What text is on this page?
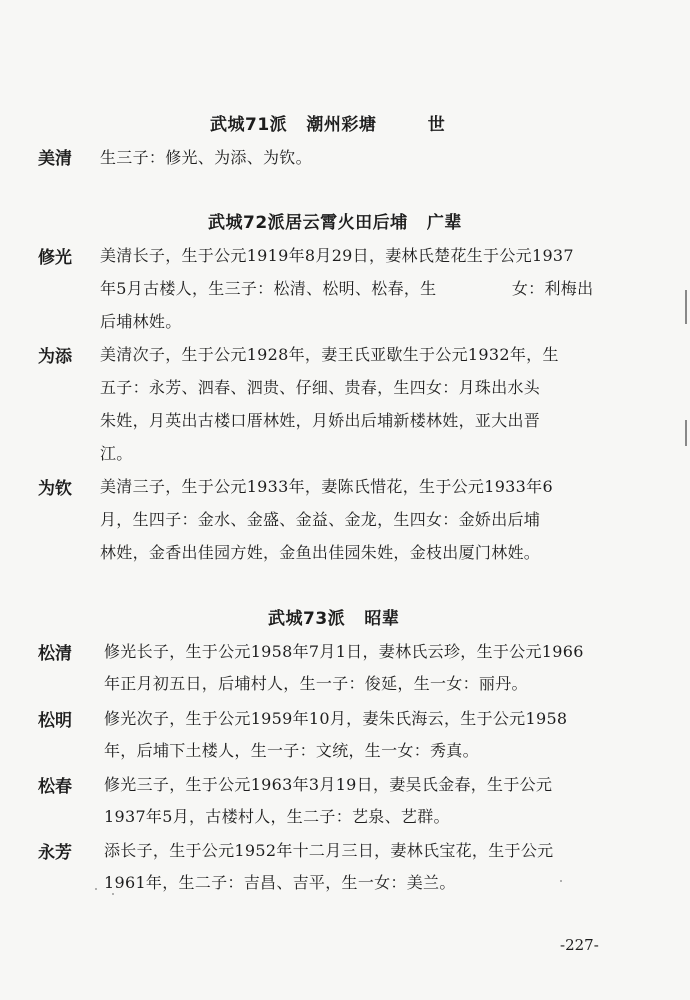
武城71派   潮州彩塘        世
美清 生三子：修光、为添、为钦。
武城72派居云霄火田后埔   广辈
修光 美清长子，生于公元1919年8月29日，妻林氏楚花生于公元1937
年5月古楼人，生三子：松清、松明、松春，生              女：利梅出
后埔林姓。
为添 美清次子，生于公元1928年，妻王氏亚歇生于公元1932年，生
五子：永芳、泗春、泗贵、仔细、贵春，生四女：月珠出水头
朱姓，月英出古楼口厝林姓，月娇出后埔新楼林姓，亚大出晋
江。
为钦 美清三子，生于公元1933年，妻陈氏惜花，生于公元1933年6
月，生四子：金水、金盛、金益、金龙，生四女：金娇出后埔
林姓，金香出佳园方姓，金鱼出佳园朱姓，金枝出厦门林姓。
武城73派   昭辈
松清 修光长子，生于公元1958年7月1日，妻林氏云珍，生于公元1966
年正月初五日，后埔村人，生一子：俊延，生一女：丽丹。
松明 修光次子，生于公元1959年10月，妻朱氏海云，生于公元1958
年，后埔下土楼人，生一子：文统，生一女：秀真。
松春 修光三子，生于公元1963年3月19日，妻吴氏金春，生于公元
1937年5月，古楼村人，生二子：艺泉、艺群。
永芳 添长子，生于公元1952年十二月三日，妻林氏宝花，生于公元
1961年，生二子：吉昌、吉平，生一女：美兰。
-227-
